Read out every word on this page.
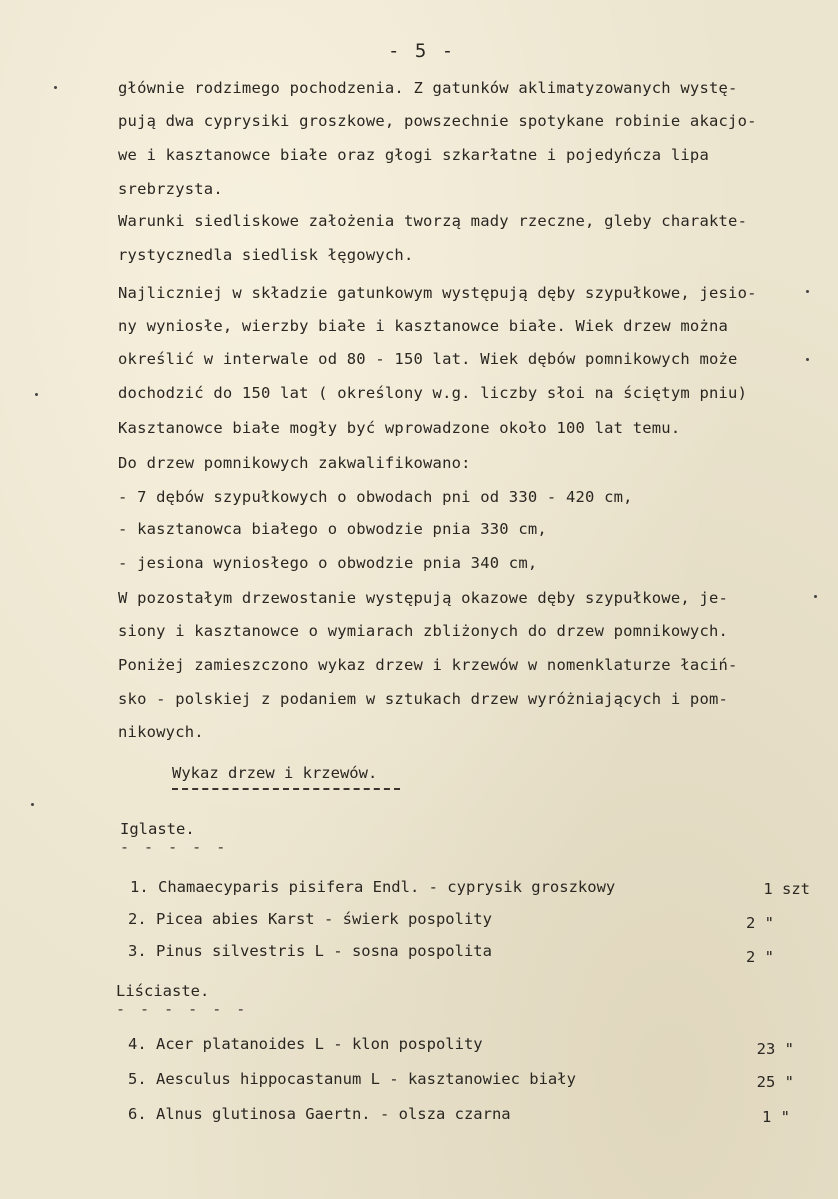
- 5 -
głównie rodzimego pochodzenia. Z gatunków aklimatyzowanych wystę-
pują dwa cyprysiki groszkowe, powszechnie spotykane robinie akacjo-
we i kasztanowce białe oraz głogi szkarłatne i pojedyńcza lipa
srebrzysta.
Warunki siedliskowe założenia tworzą mady rzeczne, gleby charakte-
rystycznedla siedlisk łęgowych.
Najliczniej w składzie gatunkowym występują dęby szypułkowe, jesio-
ny wyniosłe, wierzby białe i kasztanowce białe. Wiek drzew można
określić w interwale od 80 - 150 lat. Wiek dębów pomnikowych może
dochodzić do 150 lat ( określony w.g. liczby słoi na ściętym pniu)
Kasztanowce białe mogły być wprowadzone około 100 lat temu.
Do drzew pomnikowych zakwalifikowano:
- 7 dębów szypułkowych o obwodach pni od 330 - 420 cm,
- kasztanowca białego o obwodzie pnia 330 cm,
- jesiona wyniosłego o obwodzie pnia 340 cm,
W pozostałym drzewostanie występują okazowe dęby szypułkowe, je-
siony i kasztanowce o wymiarach zbliżonych do drzew pomnikowych.
Poniżej zamieszczono wykaz drzew i krzewów w nomenklaturze łaciń-
sko - polskiej z podaniem w sztukach drzew wyróżniających i pom-
nikowych.
Wykaz drzew i krzewów.
Iglaste.
- - - - -
1. Chamaecyparis pisifera Endl. - cyprysik groszkowy	1 szt
2. Picea abies Karst - świerk pospolity	2 "
3. Pinus silvestris L - sosna pospolita	2 "
Liściaste.
- - - - - -
4. Acer platanoides L - klon pospolity	23 "
5. Aesculus hippocastanum L - kasztanowiec biały	25 "
6. Alnus glutinosa Gaertn. - olsza czarna	1 "
